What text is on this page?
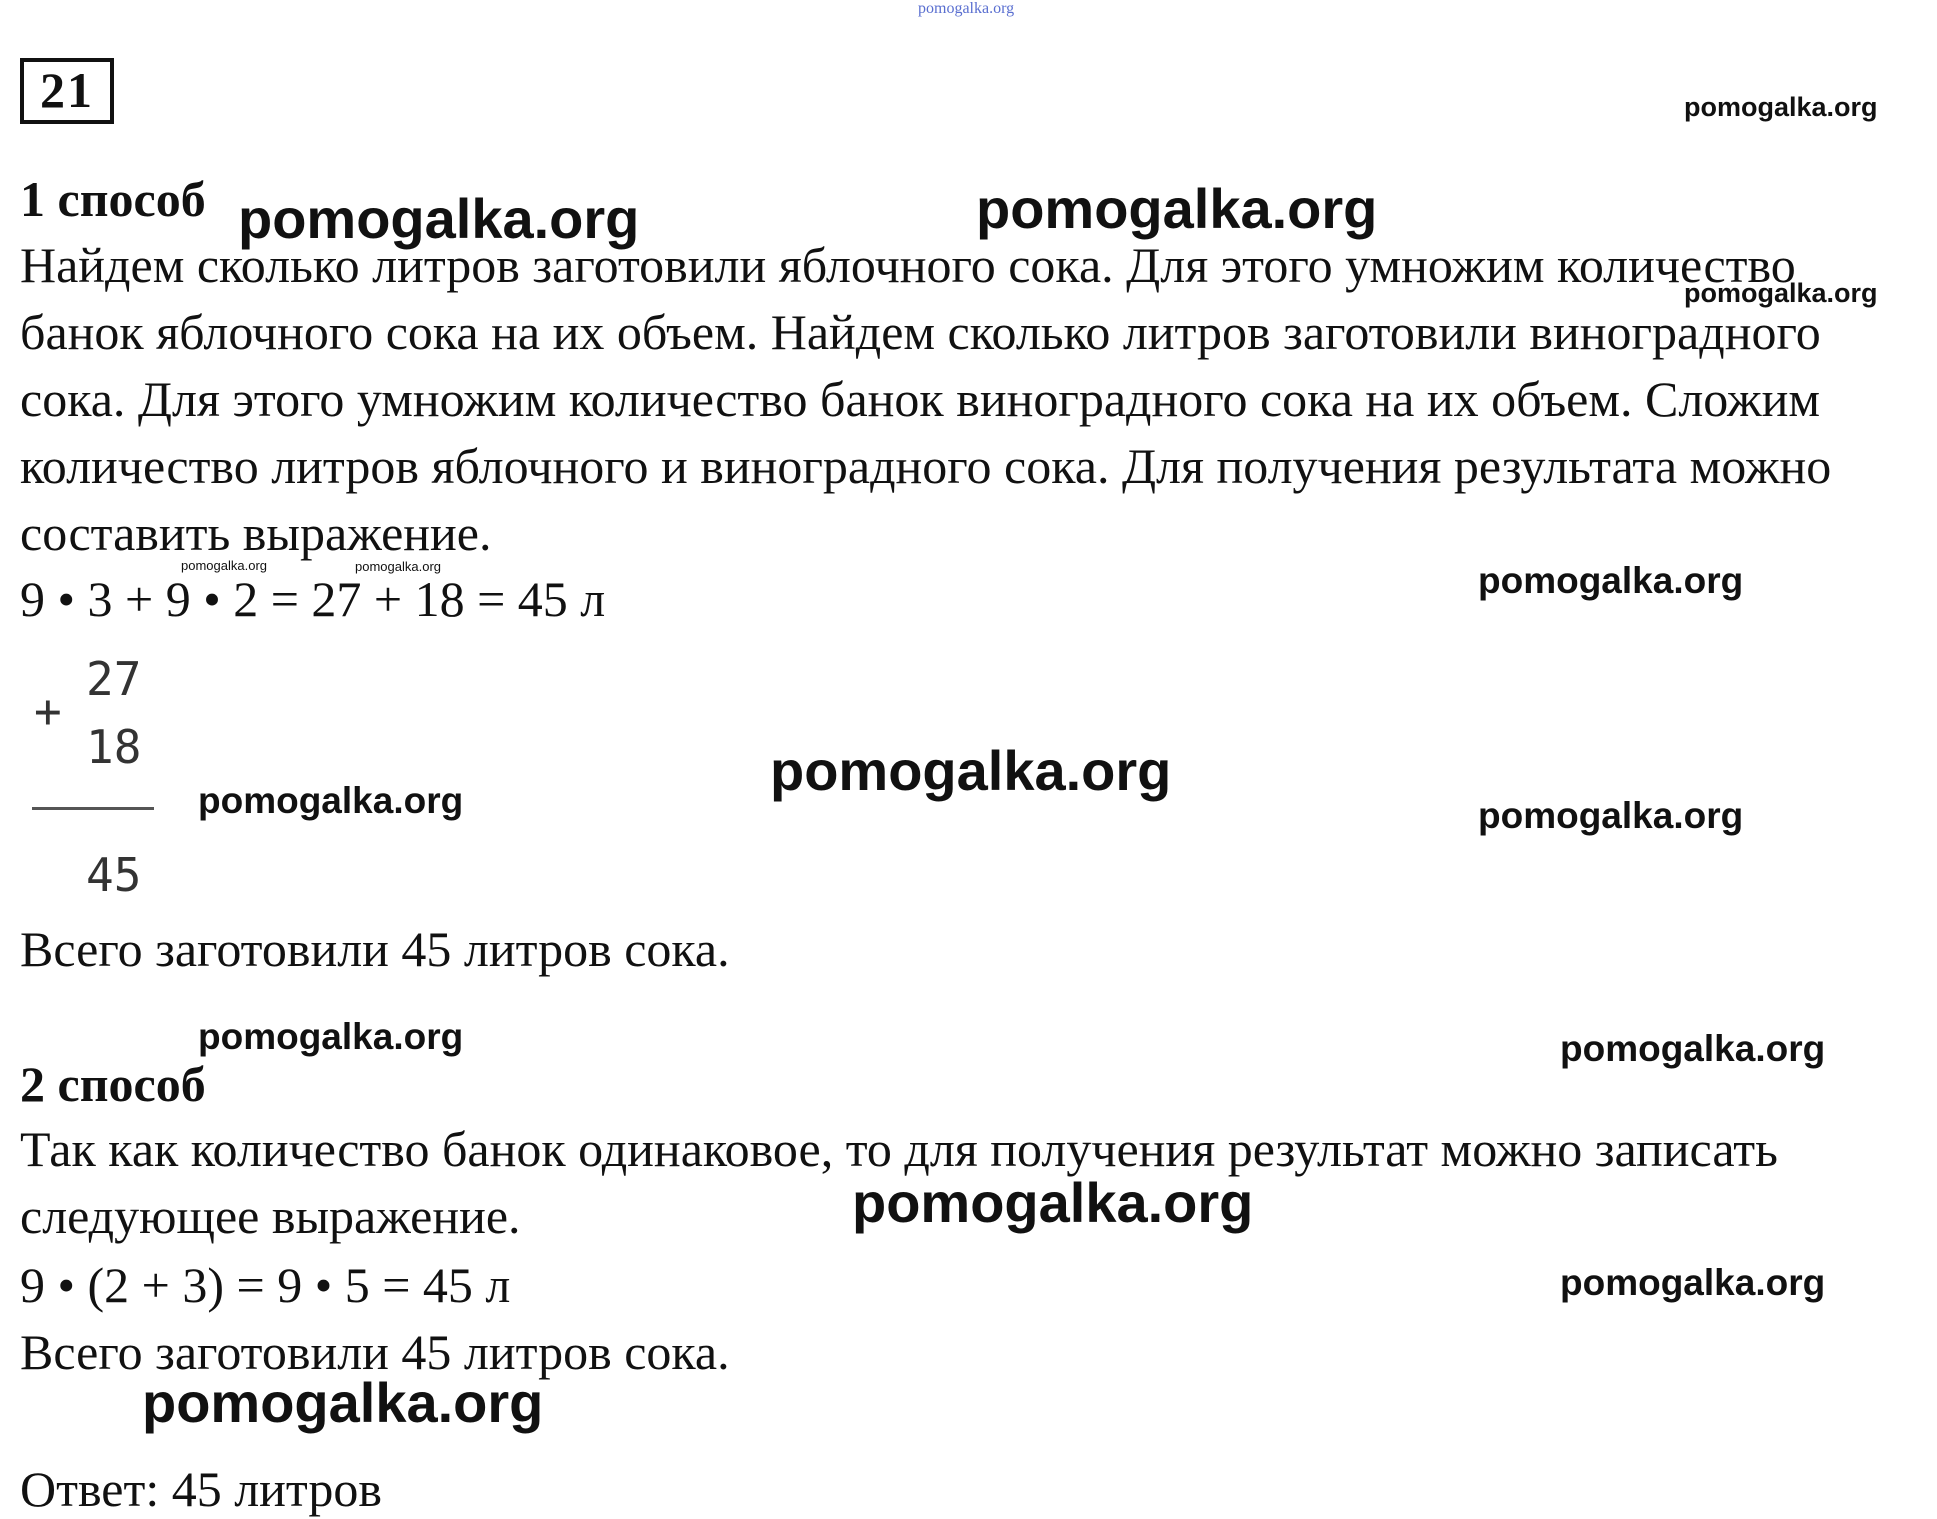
pomogalka.org
21
1 способ
Найдем сколько литров заготовили яблочного сока. Для этого умножим количество банок яблочного сока на их объем. Найдем сколько литров заготовили виноградного сока. Для этого умножим количество банок виноградного сока на их объем. Сложим количество литров яблочного и виноградного сока. Для получения результата можно составить выражение.
9 • 3 + 9 • 2 = 27 + 18 = 45 л
+
27
18
45
Всего заготовили 45 литров сока.
2 способ
Так как количество банок одинаковое, то для получения результат можно записать следующее выражение.
9 • (2 + 3) = 9 • 5 = 45 л
Всего заготовили 45 литров сока.
Ответ: 45 литров
pomogalka.org
pomogalka.org	pomogalka.org
pomogalka.org
pomogalka.org	pomogalka.org	pomogalka.org
pomogalka.org
pomogalka.org	pomogalka.org
pomogalka.org	pomogalka.org
pomogalka.org
pomogalka.org
pomogalka.org
